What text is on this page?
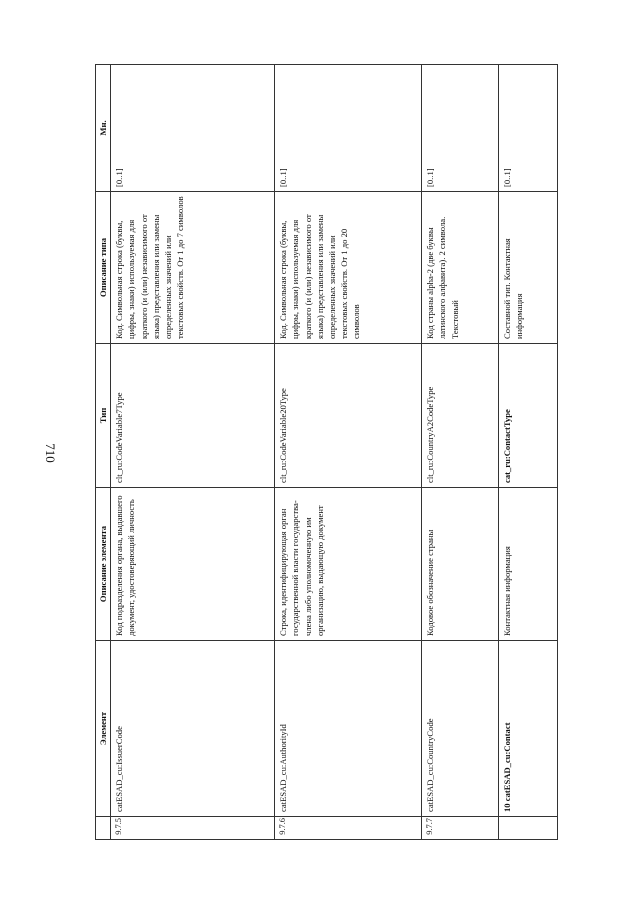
710
	Элемент	Описание элемента	Тип	Описание типа	Мн.
9.7.5	catESAD_cu:IssuerCode	Код подразделения органа, выдавшего документ, удостоверяющий личность	clt_ru:CodeVariable7Type	Код. Символьная строка (буквы, цифры, знаки) используемая для краткого (и (или) независимого от языка) представления или замены определенных значений или текстовых свойств. От 1 до 7 символов	[0..1]
9.7.6	catESAD_cu:AuthorityId	Строка, идентифицирующая орган государственной власти государства-члена либо уполномоченную им организацию, выдающую документ	clt_ru:CodeVariable20Type	Код. Символьная строка (буквы, цифры, знаки) используемая для краткого (и (или) независимого от языка) представления или замены определенных значений или текстовых свойств. От 1 до 20 символов	[0..1]
9.7.7	catESAD_cu:CountryCode	Кодовое обозначение страны	clt_ru:CountryA2CodeType	Код страны alpha-2 (две буквы латинского алфавита). 2 символа. Текстовый	[0..1]

	10 catESAD_cu:Contact	Контактная информация	cat_ru:ContactType	Составной тип. Контактная информация	[0..1]
